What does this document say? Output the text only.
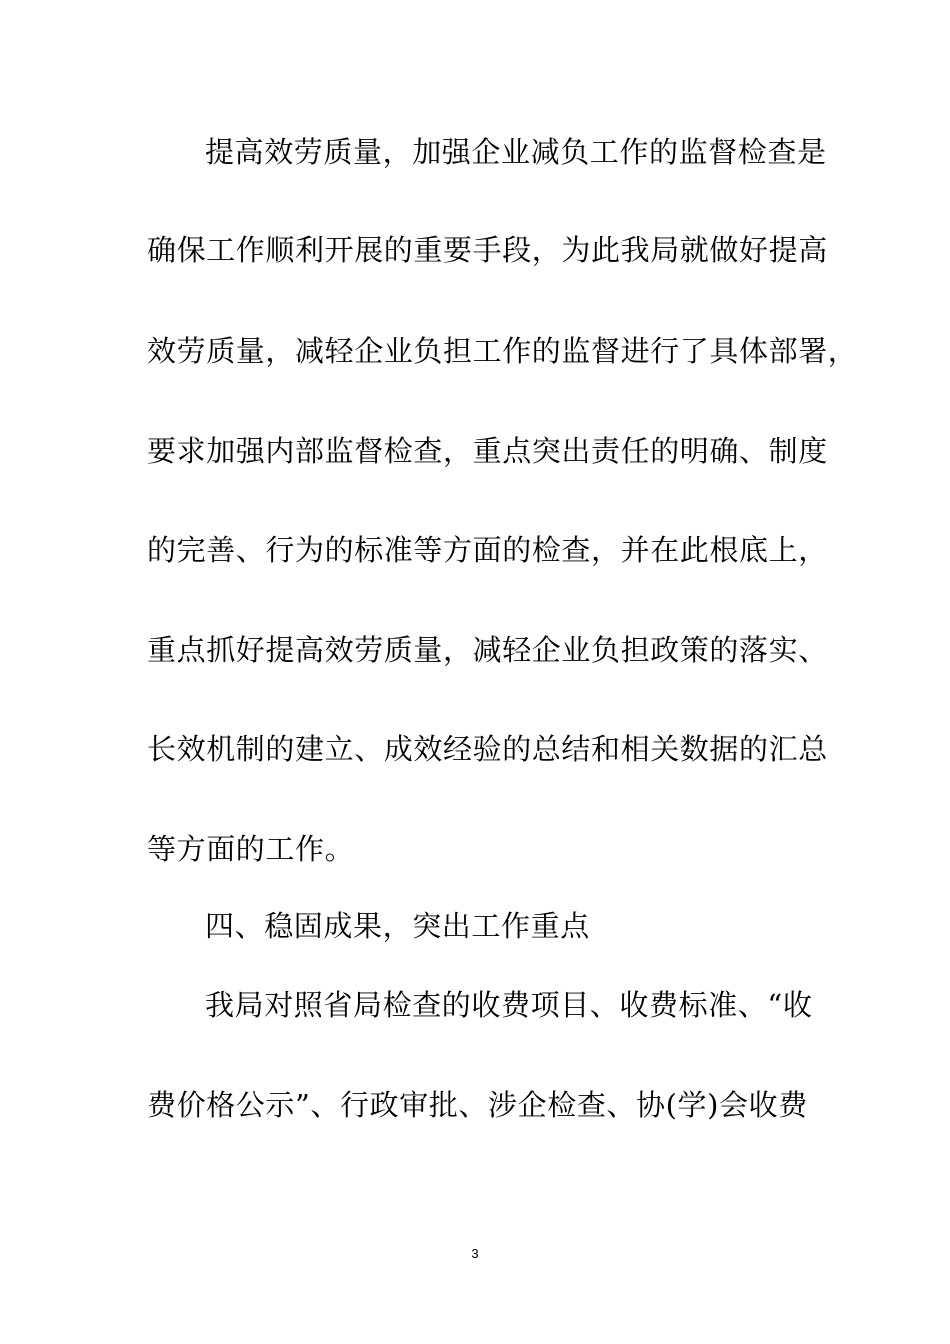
提高效劳质量，加强企业减负工作的监督检查是
确保工作顺利开展的重要手段，为此我局就做好提高
效劳质量，减轻企业负担工作的监督进行了具体部署，
要求加强内部监督检查，重点突出责任的明确、制度
的完善、行为的标准等方面的检查，并在此根底上，
重点抓好提高效劳质量，减轻企业负担政策的落实、
长效机制的建立、成效经验的总结和相关数据的汇总
等方面的工作。
四、稳固成果，突出工作重点
我局对照省局检查的收费项目、收费标准、“收
费价格公示”、行政审批、涉企检查、协(学)会收费
3
